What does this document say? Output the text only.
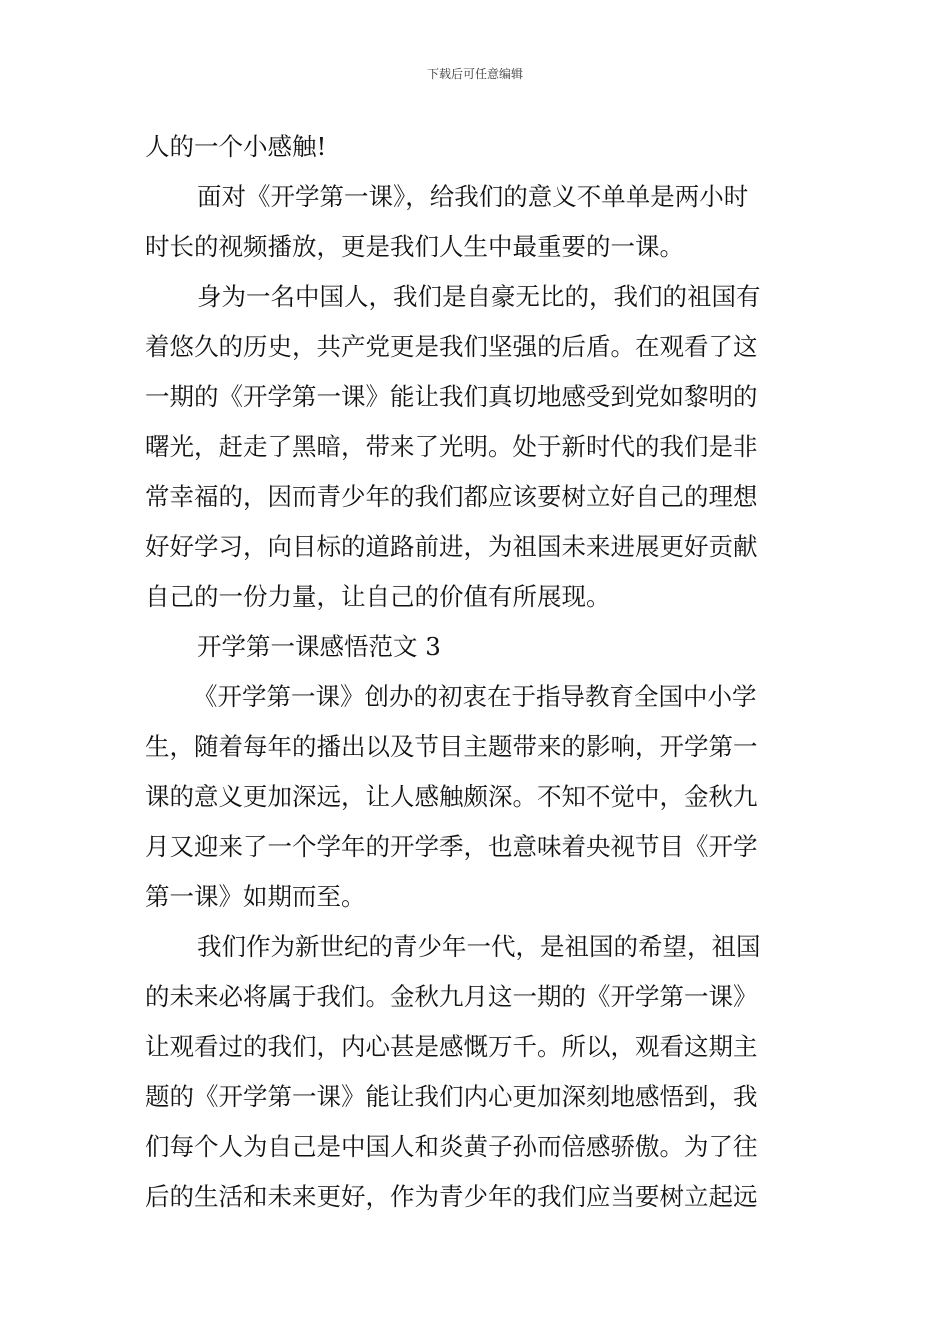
下载后可任意编辑
人的一个小感触!
面对《开学第一课》，给我们的意义不单单是两小时
时长的视频播放，更是我们人生中最重要的一课。
身为一名中国人，我们是自豪无比的，我们的祖国有
着悠久的历史，共产党更是我们坚强的后盾。在观看了这
一期的《开学第一课》能让我们真切地感受到党如黎明的
曙光，赶走了黑暗，带来了光明。处于新时代的我们是非
常幸福的，因而青少年的我们都应该要树立好自己的理想
好好学习，向目标的道路前进，为祖国未来进展更好贡献
自己的一份力量，让自己的价值有所展现。
开学第一课感悟范文 3
《开学第一课》创办的初衷在于指导教育全国中小学
生，随着每年的播出以及节目主题带来的影响，开学第一
课的意义更加深远，让人感触颇深。不知不觉中，金秋九
月又迎来了一个学年的开学季，也意味着央视节目《开学
第一课》如期而至。
我们作为新世纪的青少年一代，是祖国的希望，祖国
的未来必将属于我们。金秋九月这一期的《开学第一课》
让观看过的我们，内心甚是感慨万千。所以，观看这期主
题的《开学第一课》能让我们内心更加深刻地感悟到，我
们每个人为自己是中国人和炎黄子孙而倍感骄傲。为了往
后的生活和未来更好，作为青少年的我们应当要树立起远
